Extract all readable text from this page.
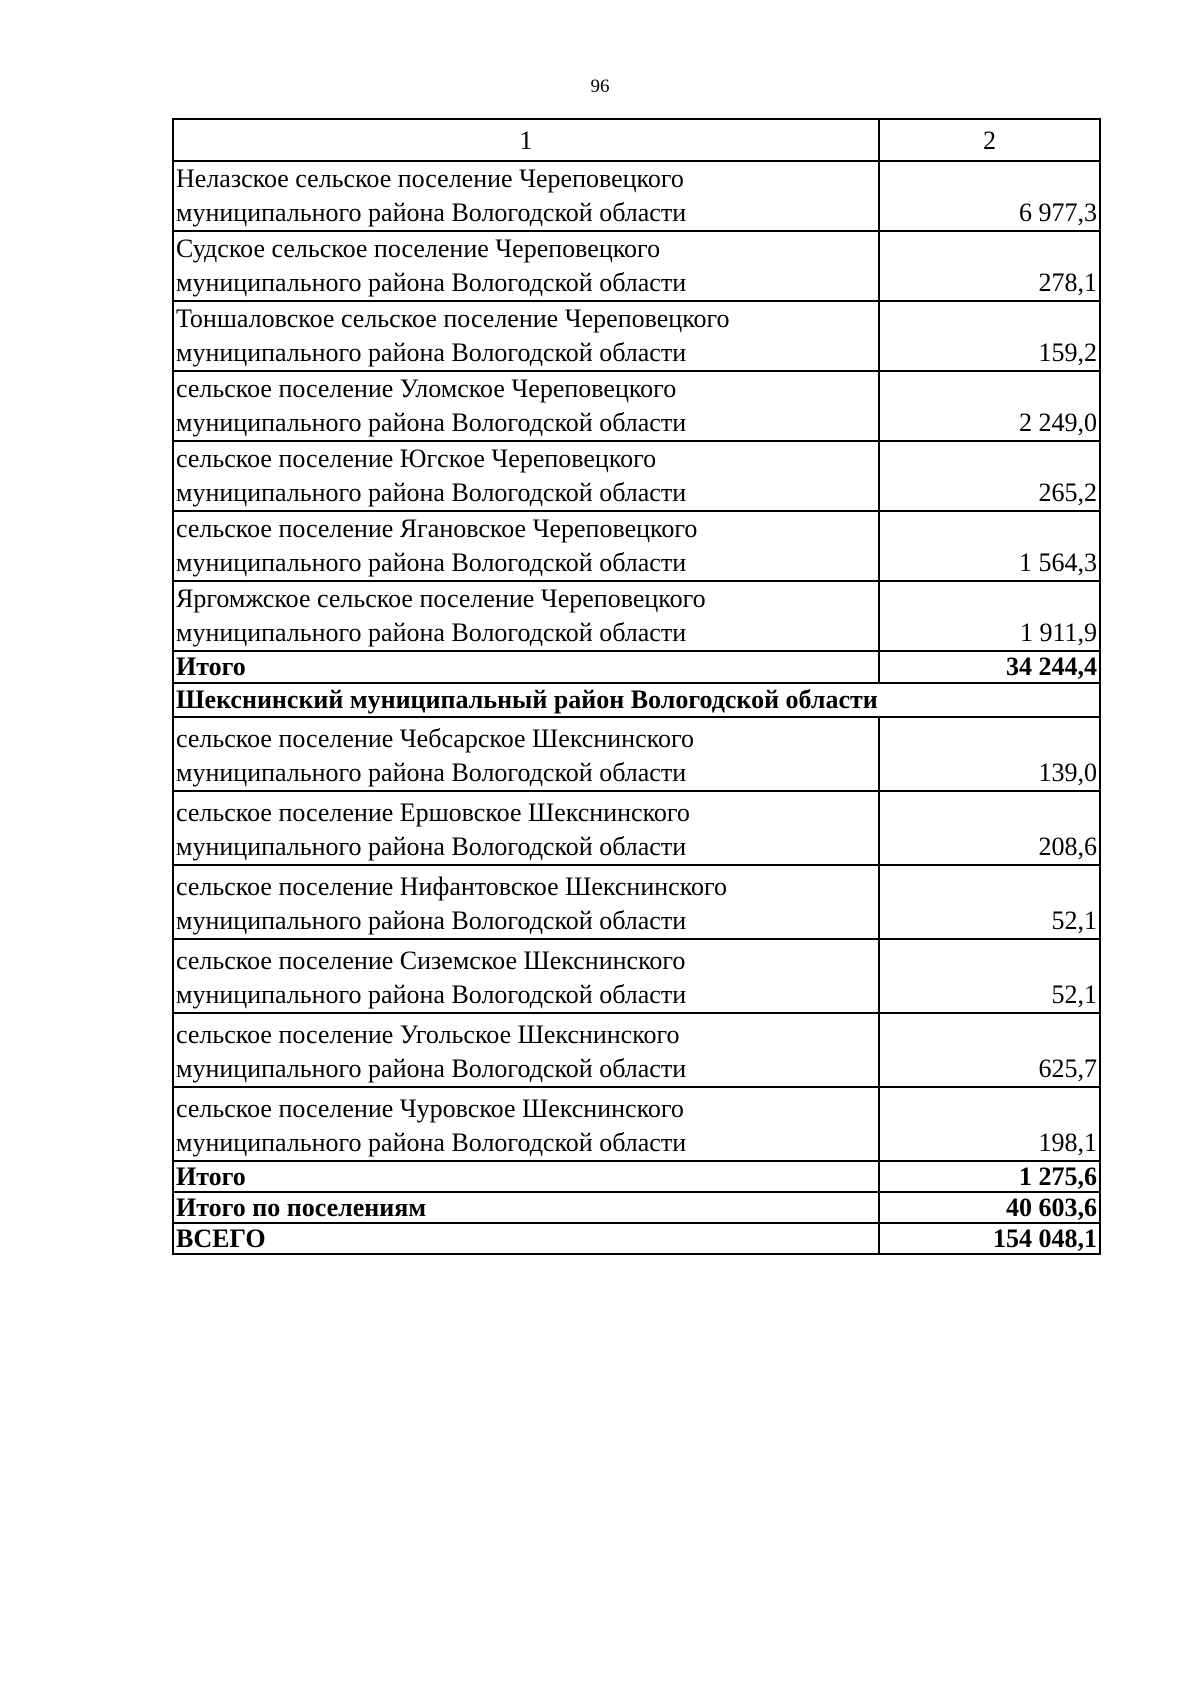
96
1	2

Нелазское сельское поселение Череповецкого
муниципального района Вологодской области	6 977,3

Судское сельское поселение Череповецкого
муниципального района Вологодской области	278,1

Тоншаловское сельское поселение Череповецкого
муниципального района Вологодской области	159,2

сельское поселение Уломское Череповецкого
муниципального района Вологодской области	2 249,0

сельское поселение Югское Череповецкого
муниципального района Вологодской области	265,2

сельское поселение Ягановское Череповецкого
муниципального района Вологодской области	1 564,3

Яргомжское сельское поселение Череповецкого
муниципального района Вологодской области	1 911,9
Итого	34 244,4
Шекснинский муниципальный район Вологодской области	

сельское поселение Чебсарское Шекснинского
муниципального района Вологодской области	139,0

сельское поселение Ершовское Шекснинского
муниципального района Вологодской области	208,6

сельское поселение Нифантовское Шекснинского
муниципального района Вологодской области	52,1

сельское поселение Сиземское Шекснинского
муниципального района Вологодской области	52,1

сельское поселение Угольское Шекснинского
муниципального района Вологодской области	625,7

сельское поселение Чуровское Шекснинского
муниципального района Вологодской области	198,1
Итого	1 275,6
Итого по поселениям	40 603,6
ВСЕГО	154 048,1
